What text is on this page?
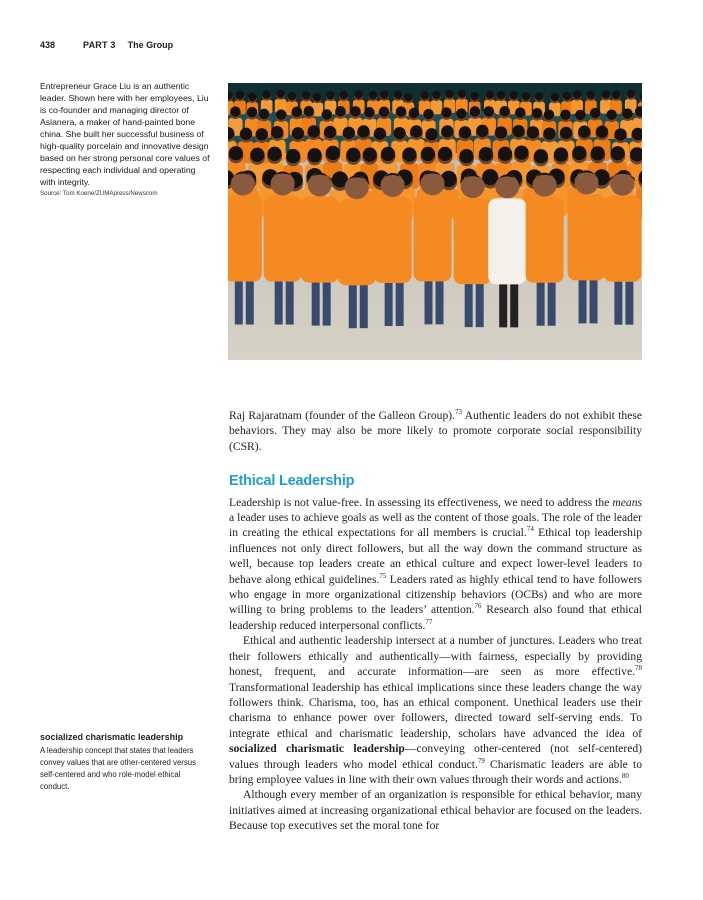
438	PART 3 The Group
Entrepreneur Grace Liu is an authentic leader. Shown here with her employees, Liu is co-founder and managing director of Asianera, a maker of hand-painted bone china. She built her successful business of high-quality porcelain and innovative design based on her strong personal core values of respecting each individual and operating with integrity.
Source: Tom Koene/ZUMApress/Newscom

Raj Rajaratnam (founder of the Galleon Group).$^{73}$ Authentic leaders do not exhibit these behaviors. They may also be more likely to promote corporate social responsibility (CSR).

Ethical Leadership

Leadership is not value-free. In assessing its effectiveness, we need to address the means a leader uses to achieve goals as well as the content of those goals. The role of the leader in creating the ethical expectations for all members is crucial.$^{74}$ Ethical top leadership influences not only direct followers, but all the way down the command structure as well, because top leaders create an ethical culture and expect lower-level leaders to behave along ethical guidelines.$^{75}$ Leaders rated as highly ethical tend to have followers who engage in more organizational citizenship behaviors (OCBs) and who are more willing to bring problems to the leaders’ attention.$^{76}$ Research also found that ethical leadership reduced interpersonal conflicts.$^{77}$

Ethical and authentic leadership intersect at a number of junctures. Leaders who treat their followers ethically and authentically—with fairness, especially by providing honest, frequent, and accurate information—are seen as more effective.$^{78}$ Transformational leadership has ethical implications since these leaders change the way followers think. Charisma, too, has an ethical component. Unethical leaders use their charisma to enhance power over followers, directed toward self-serving ends. To integrate ethical and charismatic leadership, scholars have advanced the idea of socialized charismatic leadership—conveying other-centered (not self-centered) values through leaders who model ethical conduct.$^{79}$ Charismatic leaders are able to bring employee values in line with their own values through their words and actions.$^{80}$

Although every member of an organization is responsible for ethical behavior, many initiatives aimed at increasing organizational ethical behavior are focused on the leaders. Because top executives set the moral tone for

socialized charismatic leadership
A leadership concept that states that leaders convey values that are other-centered versus self-centered and who role-model ethical conduct.
